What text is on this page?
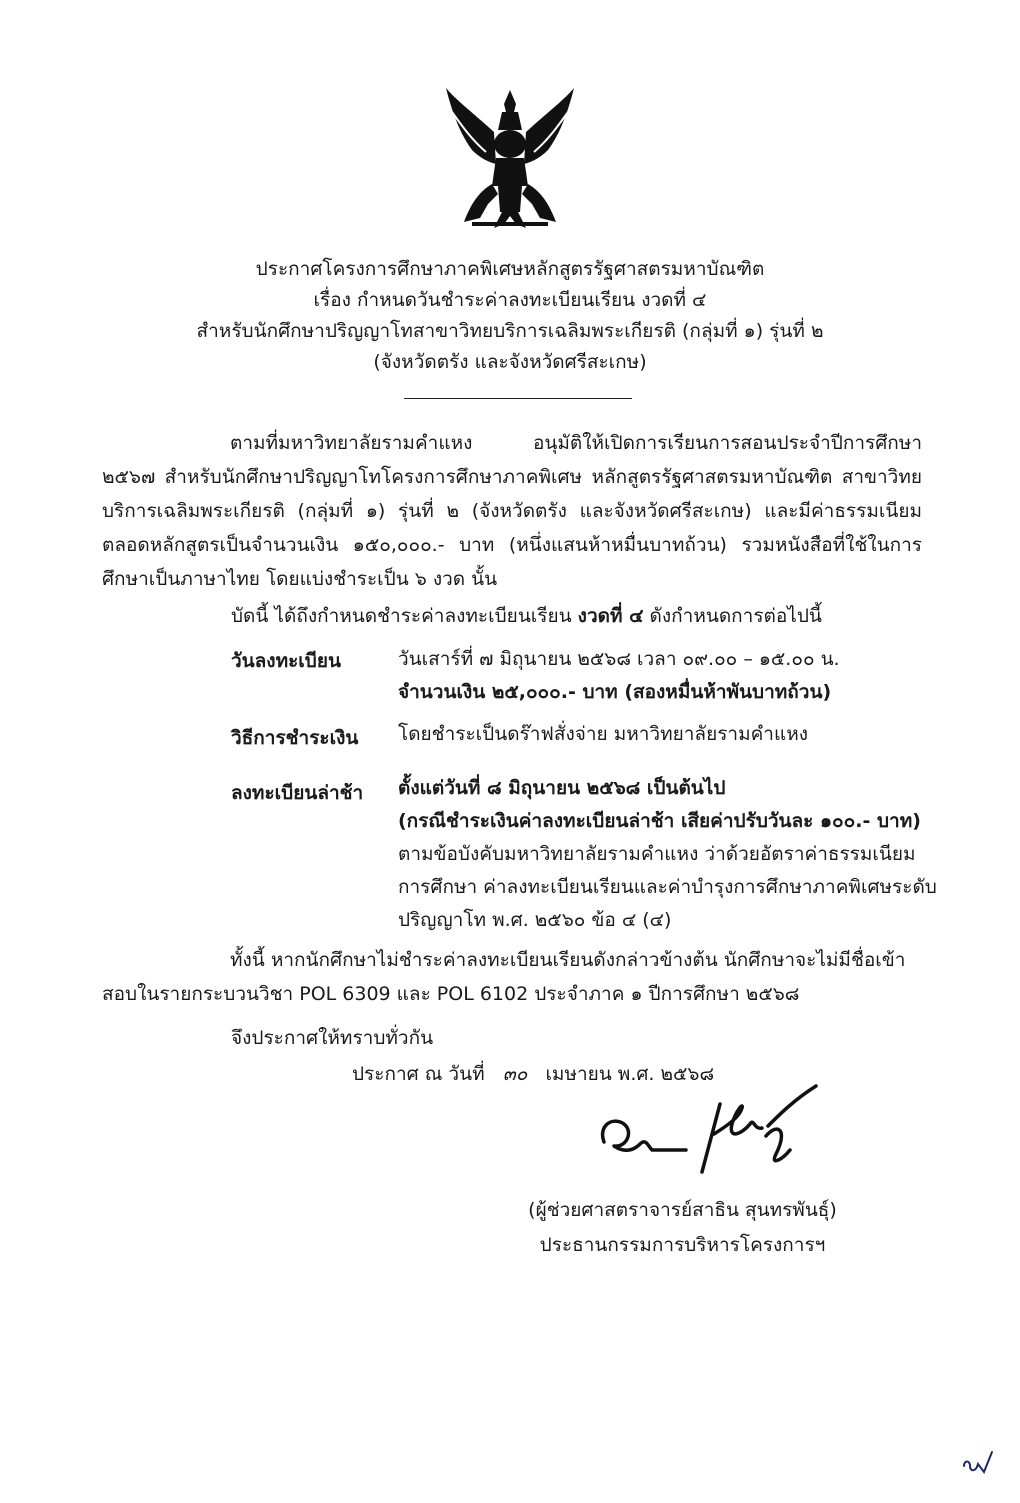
ประกาศโครงการศึกษาภาคพิเศษหลักสูตรรัฐศาสตรมหาบัณฑิต
เรื่อง กำหนดวันชำระค่าลงทะเบียนเรียน งวดที่ ๔
สำหรับนักศึกษาปริญญาโทสาขาวิทยบริการเฉลิมพระเกียรติ (กลุ่มที่ ๑) รุ่นที่ ๒
(จังหวัดตรัง และจังหวัดศรีสะเกษ)
ตามที่มหาวิทยาลัยรามคำแหง อนุมัติให้เปิดการเรียนการสอนประจำปีการศึกษา ๒๕๖๗ สำหรับนักศึกษาปริญญาโทโครงการศึกษาภาคพิเศษ หลักสูตรรัฐศาสตรมหาบัณฑิต สาขาวิทยบริการเฉลิมพระเกียรติ (กลุ่มที่ ๑) รุ่นที่ ๒ (จังหวัดตรัง และจังหวัดศรีสะเกษ) และมีค่าธรรมเนียมตลอดหลักสูตรเป็นจำนวนเงิน ๑๕๐,๐๐๐.- บาท (หนึ่งแสนห้าหมื่นบาทถ้วน) รวมหนังสือที่ใช้ในการศึกษาเป็นภาษาไทย โดยแบ่งชำระเป็น ๖ งวด นั้น
บัดนี้ ได้ถึงกำหนดชำระค่าลงทะเบียนเรียน งวดที่ ๔ ดังกำหนดการต่อไปนี้
วันลงทะเบียน	วันเสาร์ที่ ๗ มิถุนายน ๒๕๖๘ เวลา ๐๙.๐๐ – ๑๕.๐๐ น.
จำนวนเงิน ๒๕,๐๐๐.- บาท (สองหมื่นห้าพันบาทถ้วน)
วิธีการชำระเงิน โดยชำระเป็นดร๊าฟสั่งจ่าย มหาวิทยาลัยรามคำแหง
ลงทะเบียนล่าช้า ตั้งแต่วันที่ ๘ มิถุนายน ๒๕๖๘ เป็นต้นไป
(กรณีชำระเงินค่าลงทะเบียนล่าช้า เสียค่าปรับวันละ ๑๐๐.- บาท)
ตามข้อบังคับมหาวิทยาลัยรามคำแหง ว่าด้วยอัตราค่าธรรมเนียม
การศึกษา ค่าลงทะเบียนเรียนและค่าบำรุงการศึกษาภาคพิเศษระดับ
ปริญญาโท พ.ศ. ๒๕๖๐ ข้อ ๔ (๔)
ทั้งนี้ หากนักศึกษาไม่ชำระค่าลงทะเบียนเรียนดังกล่าวข้างต้น นักศึกษาจะไม่มีชื่อเข้าสอบในรายกระบวนวิชา POL 6309 และ POL 6102 ประจำภาค ๑ ปีการศึกษา ๒๕๖๘
จึงประกาศให้ทราบทั่วกัน
ประกาศ ณ วันที่ ๓๐ เมษายน พ.ศ. ๒๕๖๘
(ผู้ช่วยศาสตราจารย์สาธิน สุนทรพันธุ์)
ประธานกรรมการบริหารโครงการฯ
